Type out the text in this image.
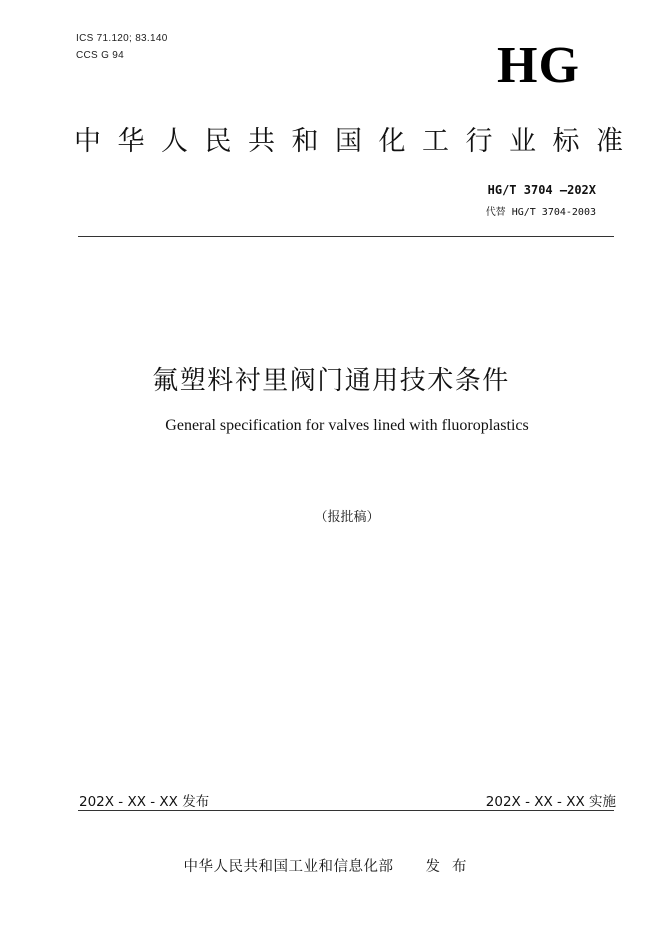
ICS 71.120; 83.140
CCS G 94	HG
中华人民共和国化工行业标准
HG/T 3704 —202X
代替 HG/T 3704-2003
氟塑料衬里阀门通用技术条件
General specification for valves lined with fluoroplastics
（报批稿）
202X - XX - XX 发布	202X - XX - XX 实施
中华人民共和国工业和信息化部 发布
